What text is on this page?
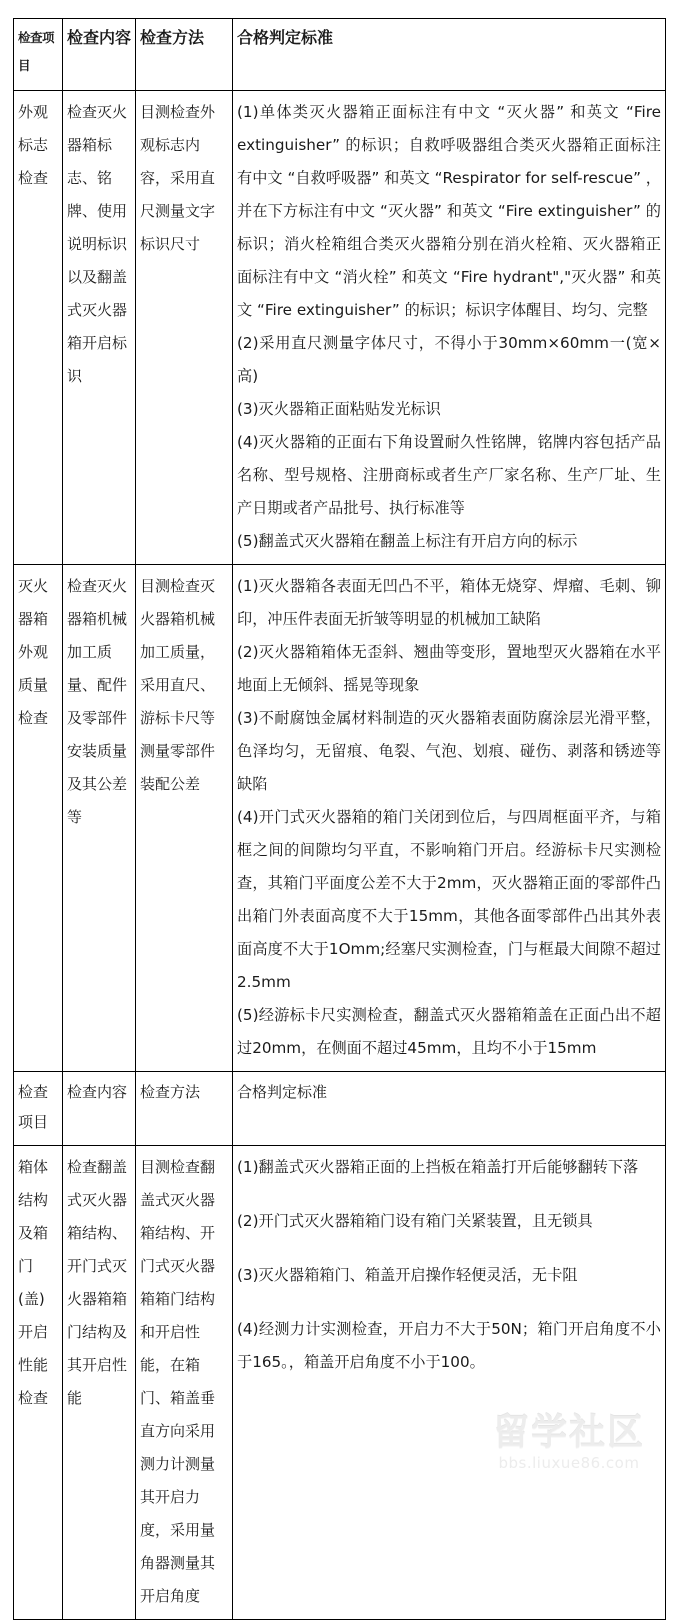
留学社区
bbs.liuxue86.com
检查项目	检查内容	检查方法	合格判定标准
外观标志检查	检查灭火器箱标志、铭牌、使用说明标识以及翻盖式灭火器箱开启标识	目测检查外观标志内容，采用直尺测量文字标识尺寸	(1)单体类灭火器箱正面标注有中文 “灭火器” 和英文 “Fire extinguisher” 的标识；自救呼吸器组合类灭火器箱正面标注有中文 “自救呼吸器” 和英文 “Respirator for self-rescue” ，并在下方标注有中文 “灭火器” 和英文 “Fire extinguisher” 的标识；消火栓箱组合类灭火器箱分别在消火栓箱、灭火器箱正面标注有中文 “消火栓” 和英文 “Fire hydrant","灭火器” 和英文 “Fire extinguisher” 的标识；标识字体醒目、均匀、完整

(2)采用直尺测量字体尺寸，不得小于30mm×60mm一(宽×高)

(3)灭火器箱正面粘贴发光标识

(4)灭火器箱的正面右下角设置耐久性铭牌，铭牌内容包括产品名称、型号规格、注册商标或者生产厂家名称、生产厂址、生产日期或者产品批号、执行标准等

(5)翻盖式灭火器箱在翻盖上标注有开启方向的标示

灭火器箱外观质量检查	检查灭火器箱机械加工质量、配件及零部件安装质量及其公差等	目测检查灭火器箱机械加工质量，采用直尺、游标卡尺等测量零部件装配公差	(1)灭火器箱各表面无凹凸不平，箱体无烧穿、焊瘤、毛刺、铆印，冲压件表面无折皱等明显的机械加工缺陷

(2)灭火器箱箱体无歪斜、翘曲等变形，置地型灭火器箱在水平地面上无倾斜、摇晃等现象

(3)不耐腐蚀金属材料制造的灭火器箱表面防腐涂层光滑平整，色泽均匀，无留痕、龟裂、气泡、划痕、碰伤、剥落和锈迹等缺陷

(4)开门式灭火器箱的箱门关闭到位后，与四周框面平齐，与箱框之间的间隙均匀平直，不影响箱门开启。经游标卡尺实测检查，其箱门平面度公差不大于2mm，灭火器箱正面的零部件凸出箱门外表面高度不大于15mm，其他各面零部件凸出其外表面高度不大于1Omm;经塞尺实测检查，门与框最大间隙不超过2.5mm

(5)经游标卡尺实测检查，翻盖式灭火器箱箱盖在正面凸出不超过20mm，在侧面不超过45mm，且均不小于15mm

检查项目	检查内容	检查方法	合格判定标准
箱体结构及箱门(盖)开启性能检查	检查翻盖式灭火器箱结构、开门式灭火器箱箱门结构及其开启性能	目测检查翻盖式灭火器箱结构、开门式灭火器箱箱门结构和开启性能，在箱门、箱盖垂直方向采用测力计测量其开启力度，采用量角器测量其开启角度	(1)翻盖式灭火器箱正面的上挡板在箱盖打开后能够翻转下落

(2)开门式灭火器箱箱门设有箱门关紧装置，且无锁具

(3)灭火器箱箱门、箱盖开启操作轻便灵活，无卡阻

(4)经测力计实测检查，开启力不大于50N；箱门开启角度不小于165。，箱盖开启角度不小于100。
